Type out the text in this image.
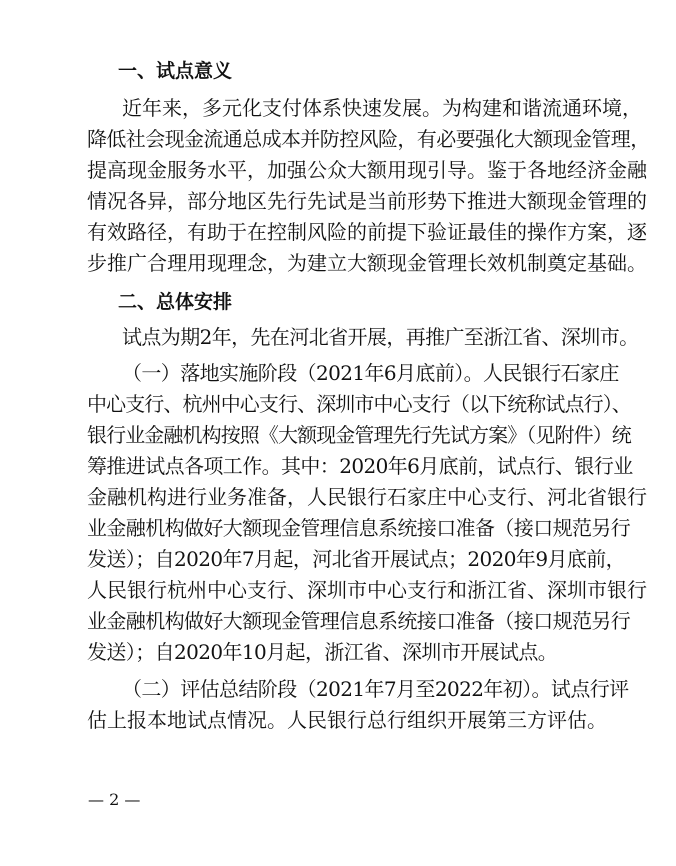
一、试点意义
近年来，多元化支付体系快速发展。为构建和谐流通环境，
降低社会现金流通总成本并防控风险，有必要强化大额现金管理，
提高现金服务水平，加强公众大额用现引导。鉴于各地经济金融
情况各异，部分地区先行先试是当前形势下推进大额现金管理的
有效路径，有助于在控制风险的前提下验证最佳的操作方案，逐
步推广合理用现理念，为建立大额现金管理长效机制奠定基础。
二、总体安排
试点为期2年，先在河北省开展，再推广至浙江省、深圳市。
（一）落地实施阶段（2021年6月底前）。人民银行石家庄
中心支行、杭州中心支行、深圳市中心支行（以下统称试点行）、
银行业金融机构按照《大额现金管理先行先试方案》（见附件）统
筹推进试点各项工作。其中：2020年6月底前，试点行、银行业
金融机构进行业务准备，人民银行石家庄中心支行、河北省银行
业金融机构做好大额现金管理信息系统接口准备（接口规范另行
发送）；自2020年7月起，河北省开展试点；2020年9月底前，
人民银行杭州中心支行、深圳市中心支行和浙江省、深圳市银行
业金融机构做好大额现金管理信息系统接口准备（接口规范另行
发送）；自2020年10月起，浙江省、深圳市开展试点。
（二）评估总结阶段（2021年7月至2022年初）。试点行评
估上报本地试点情况。人民银行总行组织开展第三方评估。
— 2 —
